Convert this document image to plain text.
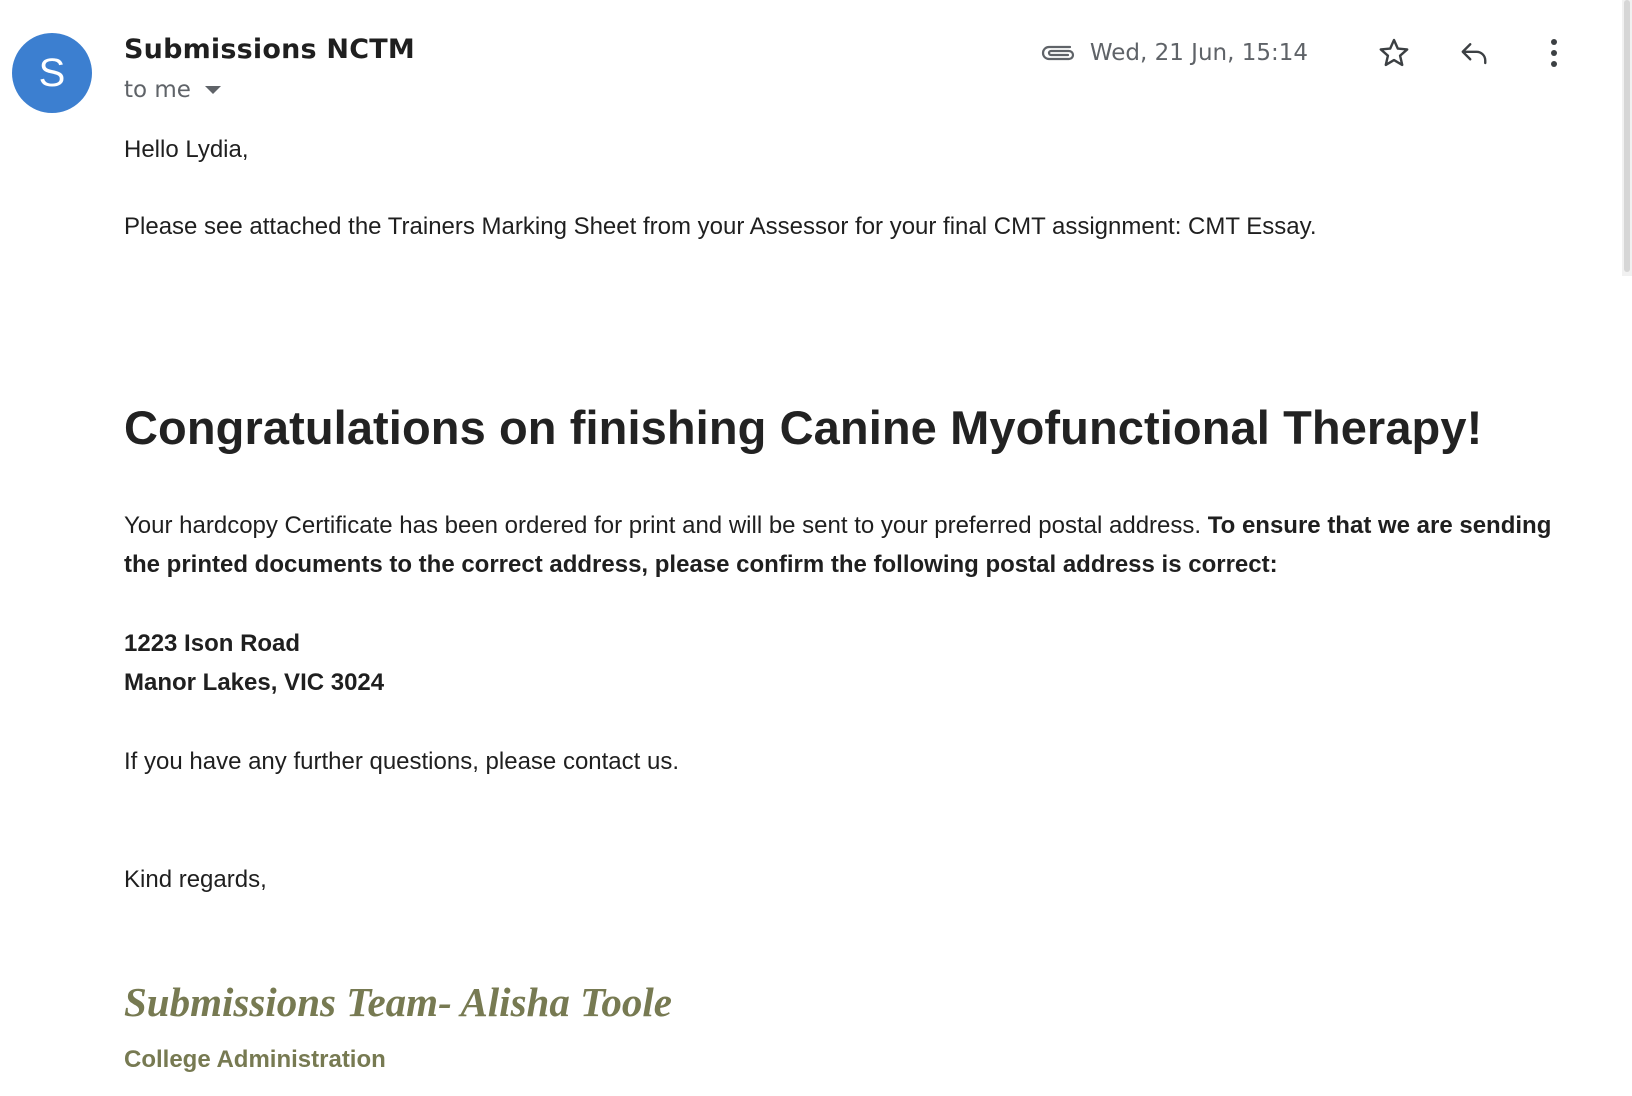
S
Submissions NCTM
to me
Wed, 21 Jun, 15:14
Hello Lydia,
Please see attached the Trainers Marking Sheet from your Assessor for your final CMT assignment: CMT Essay.
Congratulations on finishing Canine Myofunctional Therapy!
Your hardcopy Certificate has been ordered for print and will be sent to your preferred postal address. To ensure that we are sending the printed documents to the correct address, please confirm the following postal address is correct:
1223 Ison Road
Manor Lakes, VIC 3024
If you have any further questions, please contact us.
Kind regards,
Submissions Team- Alisha Toole
College Administration
